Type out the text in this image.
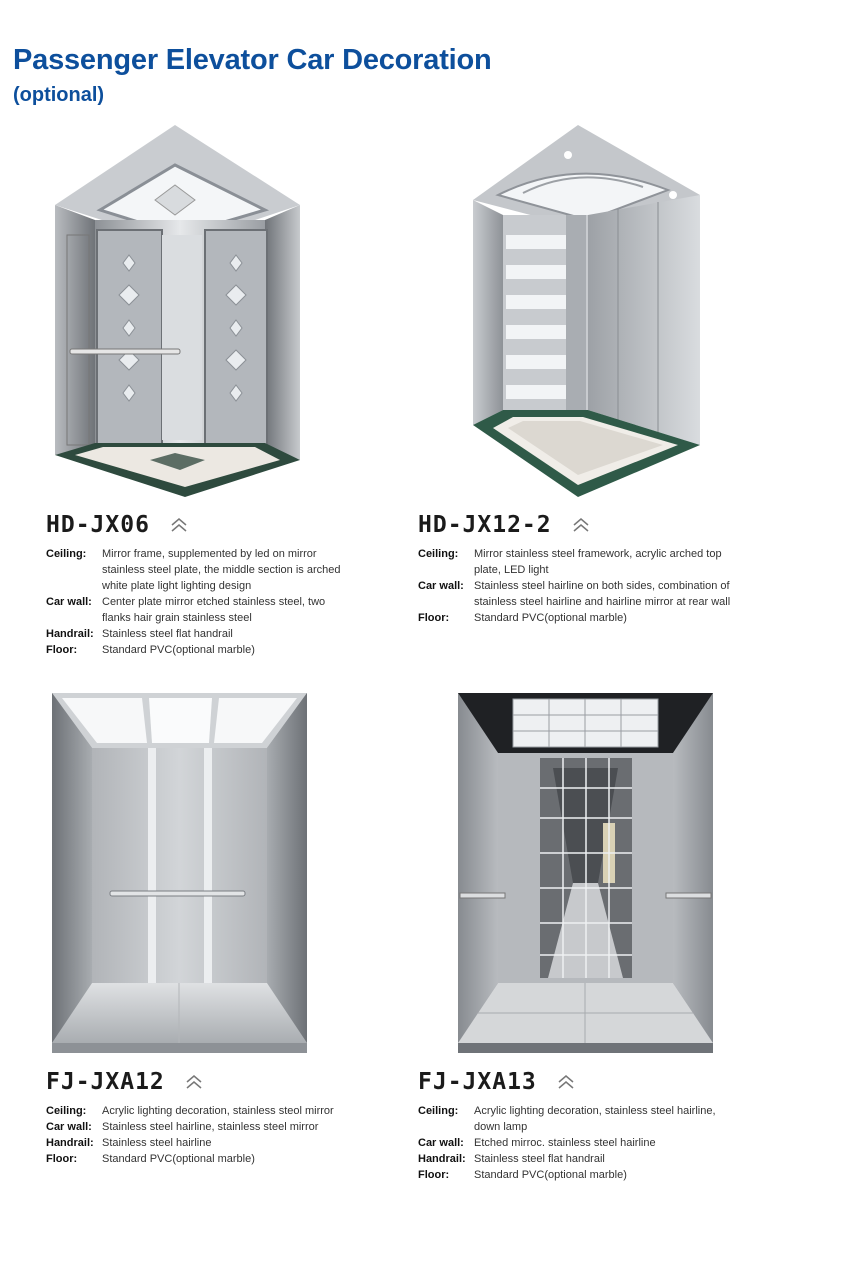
Passenger Elevator Car Decoration
(optional)
HD-JX06
Ceiling:	Mirror frame, supplemented by led on mirror
stainless steel plate, the middle section is arched
white plate light lighting design
Car wall: Center plate mirror etched stainless steel, two
flanks hair grain stainless steel
Handrail: Stainless steel flat handrail
Floor:	Standard PVC(optional marble)
HD-JX12-2
Ceiling:	Mirror stainless steel framework, acrylic arched top
plate, LED light
Car wall: Stainless steel hairline on both sides, combination of
stainless steel hairline and hairline mirror at rear wall
Floor:	Standard PVC(optional marble)
FJ-JXA12
Ceiling:	Acrylic lighting decoration, stainless steol mirror
Car wall: Stainless steel hairline, stainless steel mirror
Handrail: Stainless steel hairline
Floor:	Standard PVC(optional marble)
FJ-JXA13
Ceiling:	Acrylic lighting decoration, stainless steel hairline,
down lamp
Car wall: Etched mirroc. stainless steel hairline
Handrail: Stainless steel flat handrail
Floor:	Standard PVC(optional marble)
